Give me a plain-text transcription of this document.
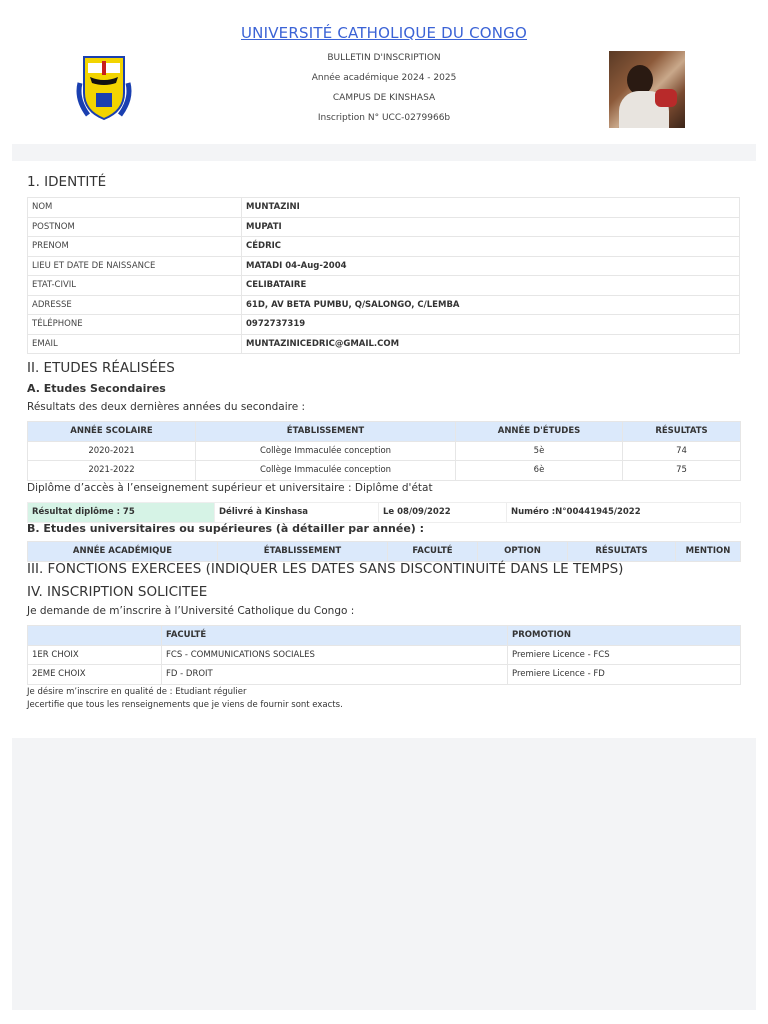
UNIVERSITÉ CATHOLIQUE DU CONGO
BULLETIN D'INSCRIPTION
Année académique 2024 - 2025
CAMPUS DE KINSHASA
Inscription N° UCC-0279966b
1. IDENTITÉ
NOM	MUNTAZINI
POSTNOM	MUPATI
PRENOM	CÉDRIC
LIEU ET DATE DE NAISSANCE	MATADI 04-Aug-2004
ETAT-CIVIL	CELIBATAIRE
ADRESSE	61D, AV BETA PUMBU, Q/SALONGO, C/LEMBA
TÉLÉPHONE	0972737319
EMAIL	MUNTAZINICEDRIC@GMAIL.COM
II. ETUDES RÉALISÉES
A. Etudes Secondaires
Résultats des deux dernières années du secondaire :
ANNÉE SCOLAIRE	ÉTABLISSEMENT	ANNÉE D'ÉTUDES	RÉSULTATS
2020-2021	Collège Immaculée conception	5è	74
2021-2022	Collège Immaculée conception	6è	75
Diplôme d’accès à l’enseignement supérieur et universitaire : Diplôme d'état
Résultat diplôme : 75	Délivré à Kinshasa	Le 08/09/2022	Numéro :N°00441945/2022
B. Etudes universitaires ou supérieures (à détailler par année) :
ANNÉE ACADÉMIQUE	ÉTABLISSEMENT	FACULTÉ	OPTION	RÉSULTATS	MENTION
III. FONCTIONS EXERCEES (INDIQUER LES DATES SANS DISCONTINUITÉ DANS LE TEMPS)
IV. INSCRIPTION SOLICITEE
Je demande de m’inscrire à l’Université Catholique du Congo :
	FACULTÉ	PROMOTION
1ER CHOIX	FCS - COMMUNICATIONS SOCIALES	Premiere Licence - FCS
2EME CHOIX	FD - DROIT	Premiere Licence - FD
Je désire m’inscrire en qualité de : Etudiant régulier
Jecertifie que tous les renseignements que je viens de fournir sont exacts.
